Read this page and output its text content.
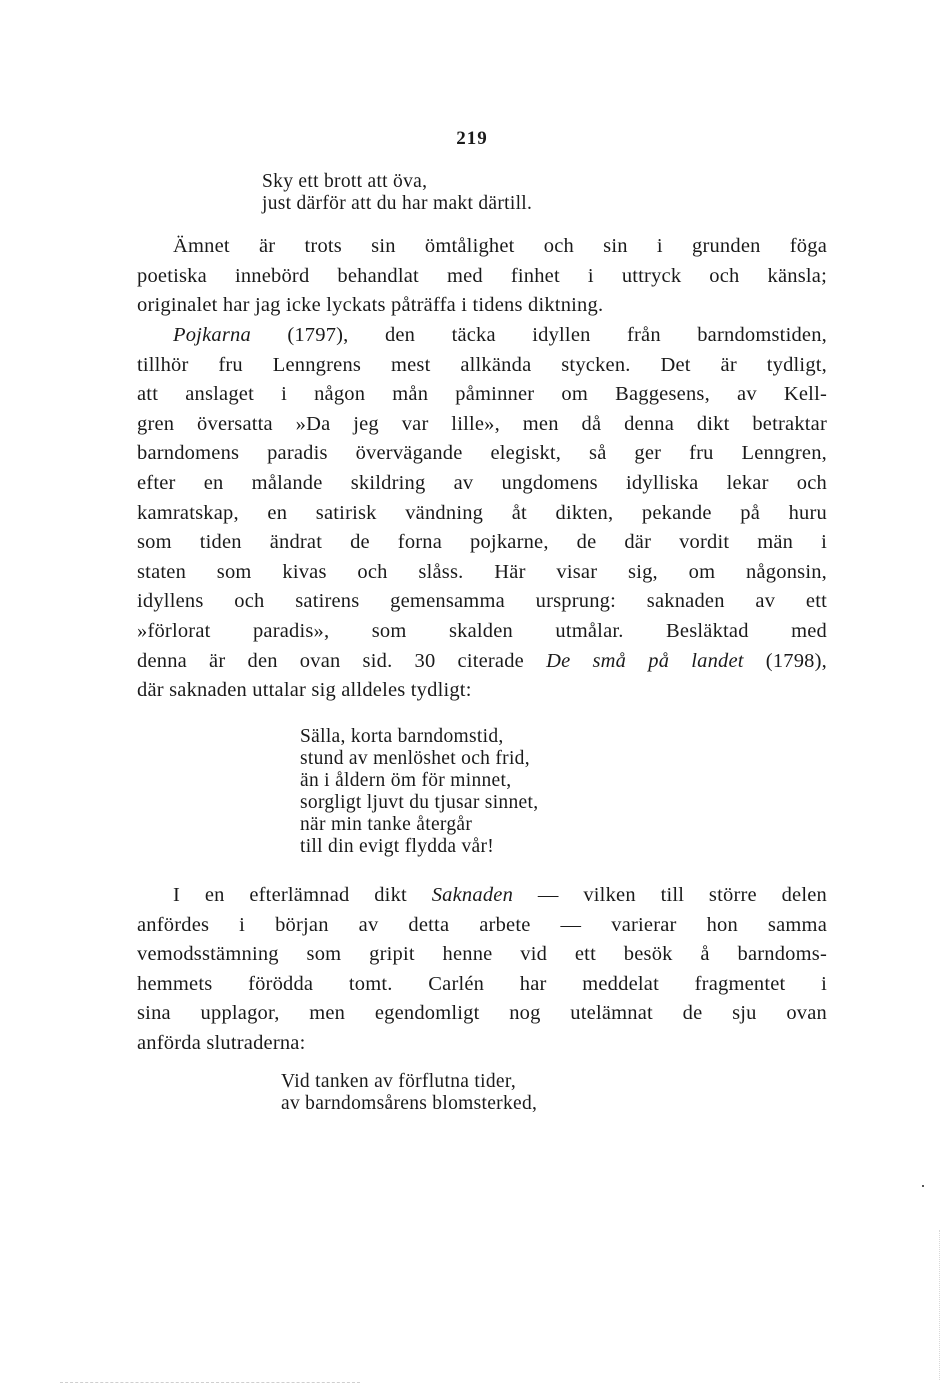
219
Sky ett brott att öva,
just därför att du har makt därtill.
Ämnet är trots sin ömtålighet och sin i grunden föga
poetiska innebörd behandlat med finhet i uttryck och känsla;
originalet har jag icke lyckats påträffa i tidens diktning.
Pojkarna (1797), den täcka idyllen från barndomstiden,
tillhör fru Lenngrens mest allkända stycken. Det är tydligt,
att anslaget i någon mån påminner om Baggesens, av Kell-
gren översatta »Da jeg var lille», men då denna dikt betraktar
barndomens paradis övervägande elegiskt, så ger fru Lenngren,
efter en målande skildring av ungdomens idylliska lekar och
kamratskap, en satirisk vändning åt dikten, pekande på huru
som tiden ändrat de forna pojkarne, de där vordit män i
staten som kivas och slåss. Här visar sig, om någonsin,
idyllens och satirens gemensamma ursprung: saknaden av ett
»förlorat paradis», som skalden utmålar. Besläktad med
denna är den ovan sid. 30 citerade De små på landet (1798),
där saknaden uttalar sig alldeles tydligt:
Sälla, korta barndomstid,
stund av menlöshet och frid,
än i åldern öm för minnet,
sorgligt ljuvt du tjusar sinnet,
när min tanke återgår
till din evigt flydda vår!
I en efterlämnad dikt Saknaden — vilken till större delen
anfördes i början av detta arbete — varierar hon samma
vemodsstämning som gripit henne vid ett besök å barndoms-
hemmets förödda tomt. Carlén har meddelat fragmentet i
sina upplagor, men egendomligt nog utelämnat de sju ovan
anförda slutraderna:
Vid tanken av förflutna tider,
av barndomsårens blomsterked,
